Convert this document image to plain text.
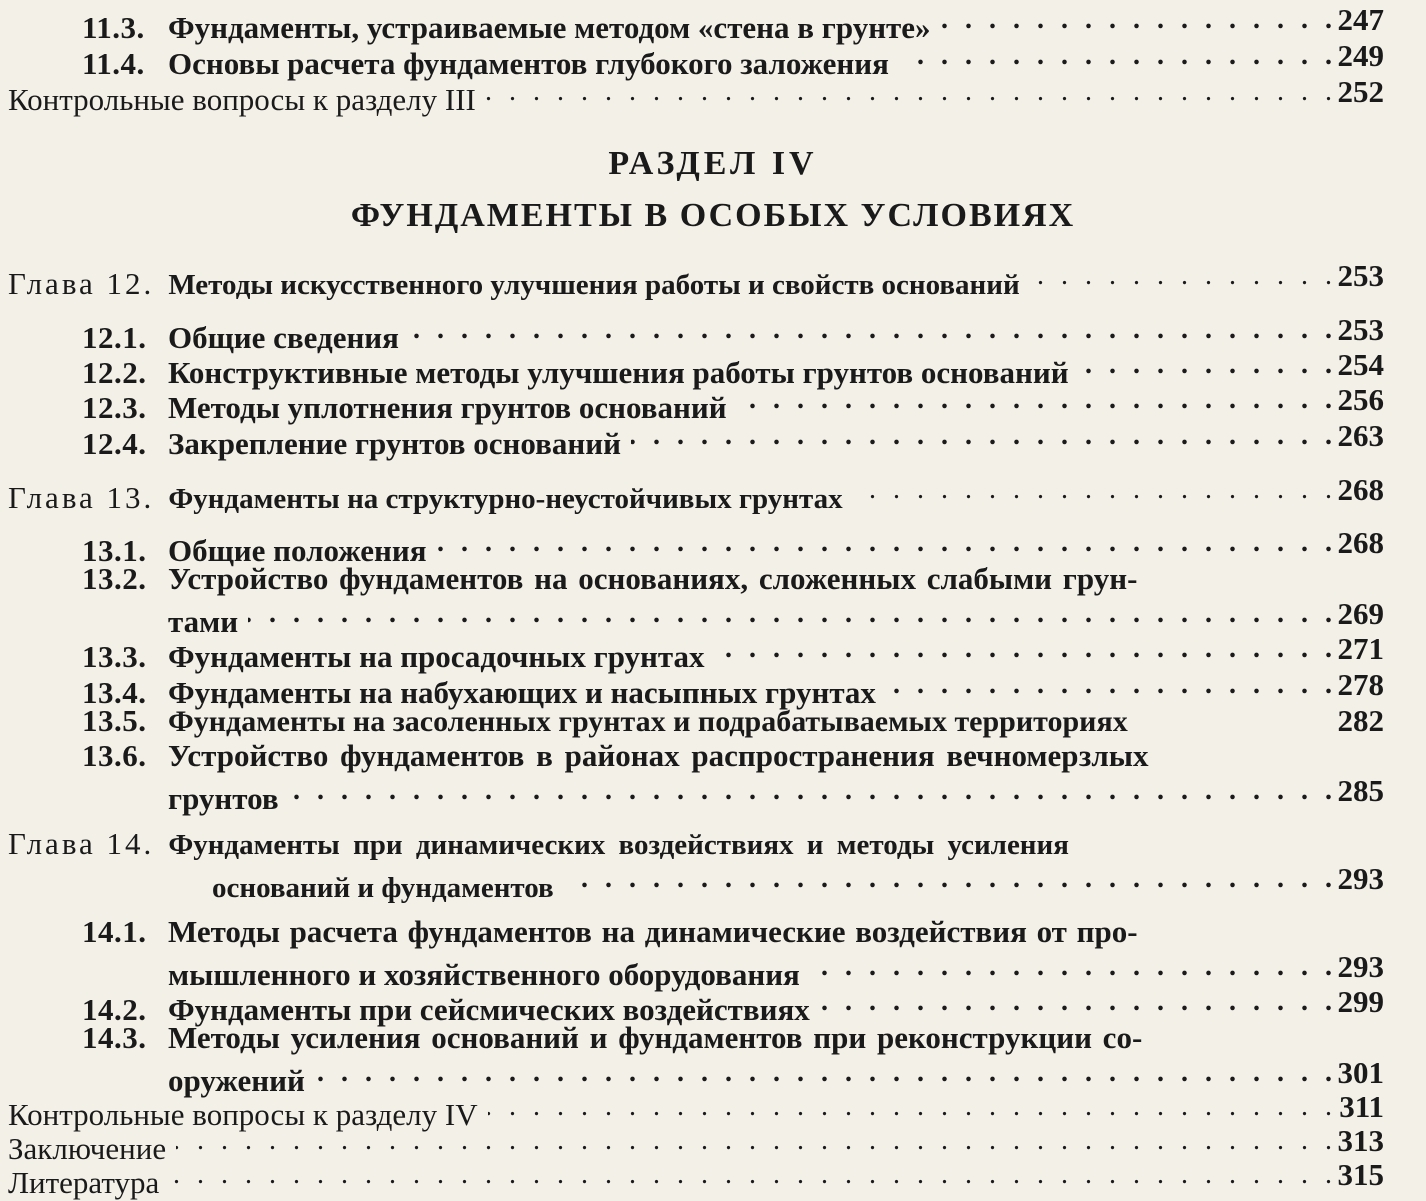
11.3. Фундаменты, устраиваемые методом «стена в грунте» . . .	247
11.4. Основы расчета фундаментов глубокого заложения . . .	249
Контрольные вопросы к разделу III . . .	252
РАЗДЕЛ IV
ФУНДАМЕНТЫ В ОСОБЫХ УСЛОВИЯХ
Глава 12. Методы искусственного улучшения работы и свойств оснований . . .	253
12.1. Общие сведения . . .	253
12.2. Конструктивные методы улучшения работы грунтов оснований . . .	254
12.3. Методы уплотнения грунтов оснований . . .	256
12.4. Закрепление грунтов оснований . . .	263
Глава 13. Фундаменты на структурно-неустойчивых грунтах . . .	268
13.1. Общие положения . . .	268
13.2. Устройство фундаментов на основаниях, сложенных слабыми грун-
тами . . .	269
13.3. Фундаменты на просадочных грунтах . . .	271
13.4. Фундаменты на набухающих и насыпных грунтах . . .	278
13.5. Фундаменты на засоленных грунтах и подрабатываемых территориях	282
13.6. Устройство фундаментов в районах распространения вечномерзлых
грунтов . . .	285
Глава 14. Фундаменты при динамических воздействиях и методы усиления
оснований и фундаментов . . .	293
14.1. Методы расчета фундаментов на динамические воздействия от про-
мышленного и хозяйственного оборудования . . .	293
14.2. Фундаменты при сейсмических воздействиях . . .	299
14.3. Методы усиления оснований и фундаментов при реконструкции со-
оружений . . .	301
Контрольные вопросы к разделу IV . . .	311
Заключение . . .	313
Литература . . .	315
